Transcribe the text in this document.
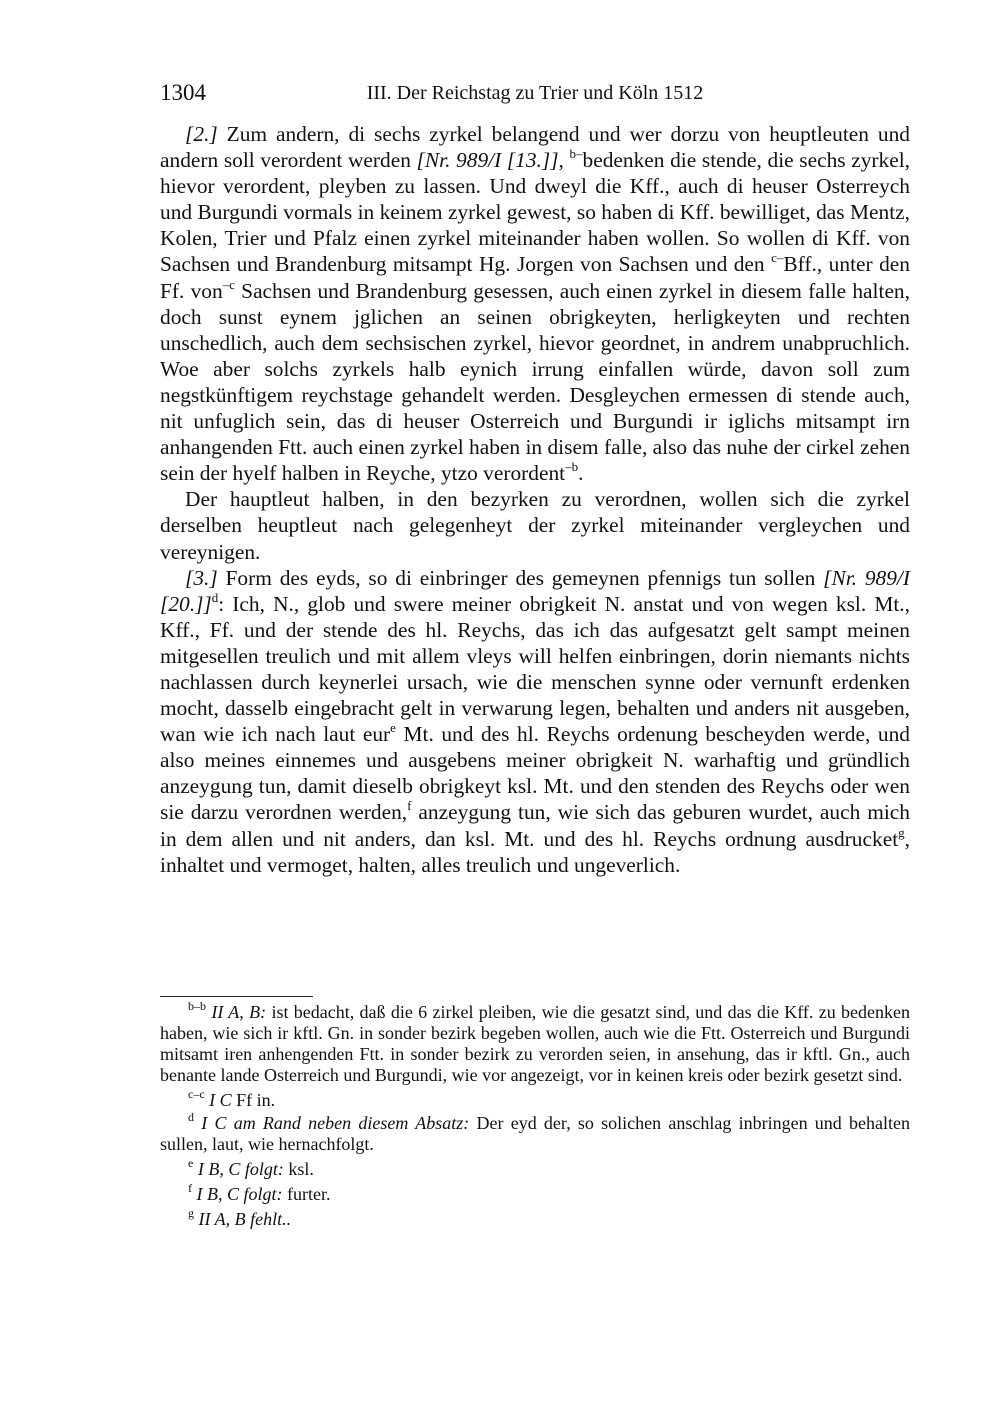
1304	III. Der Reichstag zu Trier und Köln 1512

[2.] Zum andern, di sechs zyrkel belangend und wer dorzu von heuptleuten und andern soll verordent werden [Nr. 989/I [13.]], $^{b-}$bedenken die stende, die sechs zyrkel, hievor verordent, pleyben zu lassen. Und dweyl die Kff., auch di heuser Osterreych und Burgundi vormals in keinem zyrkel gewest, so haben di Kff. bewilliget, das Mentz, Kolen, Trier und Pfalz einen zyrkel miteinander haben wollen. So wollen di Kff. von Sachsen und Brandenburg mitsampt Hg. Jorgen von Sachsen und den $^{c-}$Bff., unter den Ff. von$^{-c}$ Sachsen und Brandenburg gesessen, auch einen zyrkel in diesem falle halten, doch sunst eynem jglichen an seinen obrigkeyten, herligkeyten und rechten unschedlich, auch dem sechsischen zyrkel, hievor geordnet, in andrem unabpruchlich. Woe aber solchs zyrkels halb eynich irrung einfallen würde, davon soll zum negstkünftigem reychstage gehandelt werden. Desgleychen ermessen di stende auch, nit unfuglich sein, das di heuser Osterreich und Burgundi ir iglichs mitsampt irn anhangenden Ftt. auch einen zyrkel haben in disem falle, also das nuhe der cirkel zehen sein der hyelf halben in Reyche, ytzo verordent$^{-b}$.

Der hauptleut halben, in den bezyrken zu verordnen, wollen sich die zyrkel derselben heuptleut nach gelegenheyt der zyrkel miteinander vergleychen und vereynigen.

[3.] Form des eyds, so di einbringer des gemeynen pfennigs tun sollen [Nr. 989/I [20.]]$^d$: Ich, N., glob und swere meiner obrigkeit N. anstat und von wegen ksl. Mt., Kff., Ff. und der stende des hl. Reychs, das ich das aufgesatzt gelt sampt meinen mitgesellen treulich und mit allem vleys will helfen einbringen, dorin niemants nichts nachlassen durch keynerlei ursach, wie die menschen synne oder vernunft erdenken mocht, dasselb eingebracht gelt in verwarung legen, behalten und anders nit ausgeben, wan wie ich nach laut eur$^e$ Mt. und des hl. Reychs ordenung bescheyden werde, und also meines einnemes und ausgebens meiner obrigkeit N. warhaftig und gründlich anzeygung tun, damit dieselb obrigkeyt ksl. Mt. und den stenden des Reychs oder wen sie darzu verordnen werden,$^f$ anzeygung tun, wie sich das geburen wurdet, auch mich in dem allen und nit anders, dan ksl. Mt. und des hl. Reychs ordnung ausdrucket$^g$, inhaltet und vermoget, halten, alles treulich und ungeverlich.

$^{b-b}$ II A, B: ist bedacht, daß die 6 zirkel pleiben, wie die gesatzt sind, und das die Kff. zu bedenken haben, wie sich ir kftl. Gn. in sonder bezirk begeben wollen, auch wie die Ftt. Osterreich und Burgundi mitsamt iren anhengenden Ftt. in sonder bezirk zu verorden seien, in ansehung, das ir kftl. Gn., auch benante lande Osterreich und Burgundi, wie vor angezeigt, vor in keinen kreis oder bezirk gesetzt sind.

$^{c-c}$ I C Ff in.

$^d$ I C am Rand neben diesem Absatz: Der eyd der, so solichen anschlag inbringen und behalten sullen, laut, wie hernachfolgt.

$^e$ I B, C folgt: ksl.

$^f$ I B, C folgt: furter.

$^g$ II A, B fehlt..
